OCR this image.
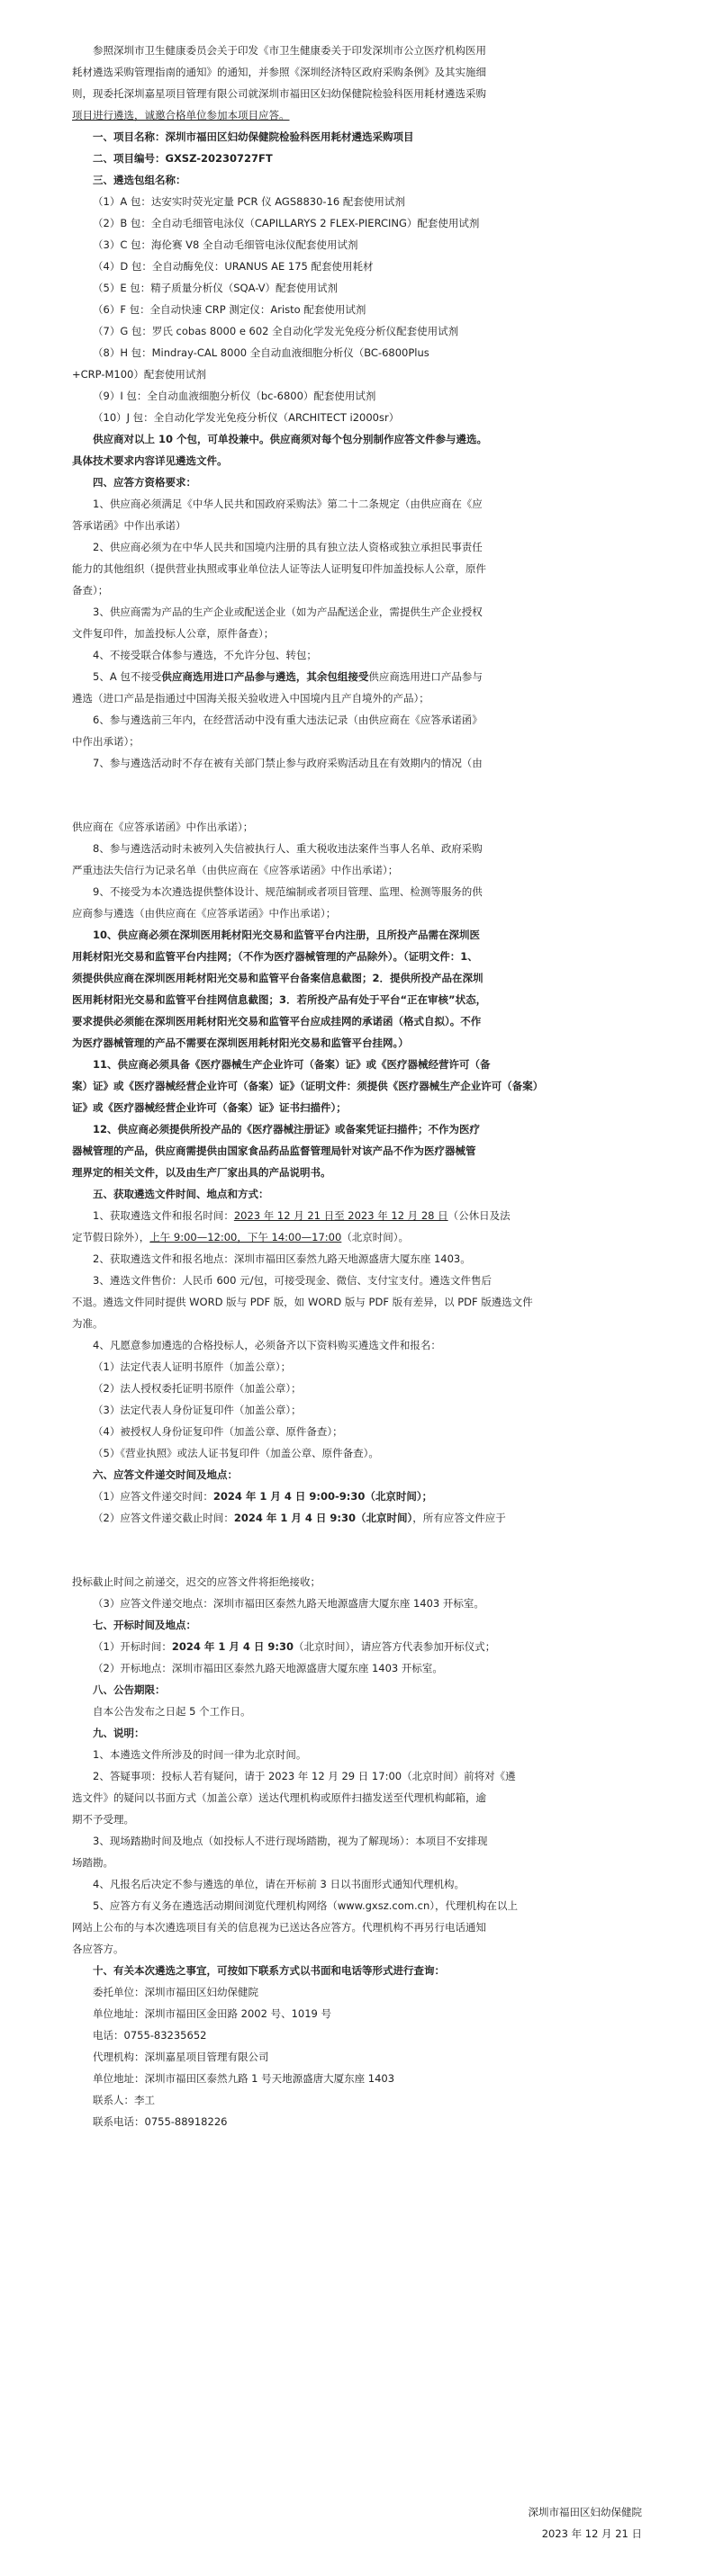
参照深圳市卫生健康委员会关于印发《市卫生健康委关于印发深圳市公立医疗机构医用

耗材遴选采购管理指南的通知》的通知，并参照《深圳经济特区政府采购条例》及其实施细

则，现委托深圳嘉星项目管理有限公司就深圳市福田区妇幼保健院检验科医用耗材遴选采购

项目进行遴选，诚邀合格单位参加本项目应答。

一、项目名称：深圳市福田区妇幼保健院检验科医用耗材遴选采购项目

二、项目编号：GXSZ-20230727FT

三、遴选包组名称：

（1）A 包：达安实时荧光定量 PCR 仪 AGS8830-16 配套使用试剂

（2）B 包：全自动毛细管电泳仪（CAPILLARYS 2 FLEX-PIERCING）配套使用试剂

（3）C 包：海伦赛 V8 全自动毛细管电泳仪配套使用试剂

（4）D 包：全自动酶免仪：URANUS AE 175 配套使用耗材

（5）E 包：精子质量分析仪（SQA-V）配套使用试剂

（6）F 包：全自动快速 CRP 测定仪：Aristo 配套使用试剂

（7）G 包：罗氏 cobas 8000 e 602 全自动化学发光免疫分析仪配套使用试剂

（8）H 包：Mindray-CAL 8000 全自动血液细胞分析仪（BC-6800Plus

+CRP-M100）配套使用试剂

（9）I 包：全自动血液细胞分析仪（bc-6800）配套使用试剂

（10）J 包：全自动化学发光免疫分析仪（ARCHITECT i2000sr）

供应商对以上 10 个包，可单投兼中。供应商须对每个包分别制作应答文件参与遴选。

具体技术要求内容详见遴选文件。

四、应答方资格要求：

1、供应商必须满足《中华人民共和国政府采购法》第二十二条规定（由供应商在《应

答承诺函》中作出承诺）

2、供应商必须为在中华人民共和国境内注册的具有独立法人资格或独立承担民事责任

能力的其他组织（提供营业执照或事业单位法人证等法人证明复印件加盖投标人公章，原件

备查）；

3、供应商需为产品的生产企业或配送企业（如为产品配送企业，需提供生产企业授权

文件复印件，加盖投标人公章，原件备查）；

4、不接受联合体参与遴选，不允许分包、转包；

5、A 包不接受供应商选用进口产品参与遴选，其余包组接受供应商选用进口产品参与

遴选（进口产品是指通过中国海关报关验收进入中国境内且产自境外的产品）；

6、参与遴选前三年内，在经营活动中没有重大违法记录（由供应商在《应答承诺函》

中作出承诺）；

7、参与遴选活动时不存在被有关部门禁止参与政府采购活动且在有效期内的情况（由

供应商在《应答承诺函》中作出承诺）；

8、参与遴选活动时未被列入失信被执行人、重大税收违法案件当事人名单、政府采购

严重违法失信行为记录名单（由供应商在《应答承诺函》中作出承诺）；

9、不接受为本次遴选提供整体设计、规范编制或者项目管理、监理、检测等服务的供

应商参与遴选（由供应商在《应答承诺函》中作出承诺）；

10、供应商必须在深圳医用耗材阳光交易和监管平台内注册，且所投产品需在深圳医

用耗材阳光交易和监管平台内挂网；（不作为医疗器械管理的产品除外）。（证明文件：1、

须提供供应商在深圳医用耗材阳光交易和监管平台备案信息截图；2．提供所投产品在深圳

医用耗材阳光交易和监管平台挂网信息截图；3．若所投产品有处于平台“正在审核”状态，

要求提供必须能在深圳医用耗材阳光交易和监管平台应成挂网的承诺函（格式自拟）。不作

为医疗器械管理的产品不需要在深圳医用耗材阳光交易和监管平台挂网。）

11、供应商必须具备《医疗器械生产企业许可（备案）证》或《医疗器械经营许可（备

案）证》或《医疗器械经营企业许可（备案）证》（证明文件：须提供《医疗器械生产企业许可（备案）

证》或《医疗器械经营企业许可（备案）证》证书扫描件）；

12、供应商必须提供所投产品的《医疗器械注册证》或备案凭证扫描件；不作为医疗

器械管理的产品，供应商需提供由国家食品药品监督管理局针对该产品不作为医疗器械管

理界定的相关文件，以及由生产厂家出具的产品说明书。

五、获取遴选文件时间、地点和方式：

1、获取遴选文件和报名时间：2023 年 12 月 21 日至 2023 年 12 月 28 日（公休日及法

定节假日除外），上午 9:00—12:00，下午 14:00—17:00（北京时间）。

2、获取遴选文件和报名地点：深圳市福田区泰然九路天地源盛唐大厦东座 1403。

3、遴选文件售价：人民币 600 元/包，可接受现金、微信、支付宝支付。遴选文件售后

不退。遴选文件同时提供 WORD 版与 PDF 版，如 WORD 版与 PDF 版有差异，以 PDF 版遴选文件

为准。

4、凡愿意参加遴选的合格投标人，必须备齐以下资料购买遴选文件和报名：

（1）法定代表人证明书原件（加盖公章）；

（2）法人授权委托证明书原件（加盖公章）；

（3）法定代表人身份证复印件（加盖公章）；

（4）被授权人身份证复印件（加盖公章、原件备查）；

（5）《营业执照》或法人证书复印件（加盖公章、原件备查）。

六、应答文件递交时间及地点：

（1）应答文件递交时间：2024 年 1 月 4 日 9:00-9:30（北京时间）；

（2）应答文件递交截止时间：2024 年 1 月 4 日 9:30（北京时间），所有应答文件应于

投标截止时间之前递交，迟交的应答文件将拒绝接收；

（3）应答文件递交地点：深圳市福田区泰然九路天地源盛唐大厦东座 1403 开标室。

七、开标时间及地点：

（1）开标时间：2024 年 1 月 4 日 9:30（北京时间），请应答方代表参加开标仪式；

（2）开标地点：深圳市福田区泰然九路天地源盛唐大厦东座 1403 开标室。

八、公告期限：

自本公告发布之日起 5 个工作日。

九、说明：

1、本遴选文件所涉及的时间一律为北京时间。

2、答疑事项：投标人若有疑问，请于 2023 年 12 月 29 日 17:00（北京时间）前将对《遴

选文件》的疑问以书面方式（加盖公章）送达代理机构或原件扫描发送至代理机构邮箱，逾

期不予受理。

3、现场踏勘时间及地点（如投标人不进行现场踏勘，视为了解现场）：本项目不安排现

场踏勘。

4、凡报名后决定不参与遴选的单位，请在开标前 3 日以书面形式通知代理机构。

5、应答方有义务在遴选活动期间浏览代理机构网络（www.gxsz.com.cn），代理机构在以上

网站上公布的与本次遴选项目有关的信息视为已送达各应答方。代理机构不再另行电话通知

各应答方。

十、有关本次遴选之事宜，可按如下联系方式以书面和电话等形式进行查询：

委托单位：深圳市福田区妇幼保健院

单位地址：深圳市福田区金田路 2002 号、1019 号

电话：0755-83235652

代理机构：深圳嘉星项目管理有限公司

单位地址：深圳市福田区泰然九路 1 号天地源盛唐大厦东座 1403

联系人：李工

联系电话：0755-88918226

深圳市福田区妇幼保健院
2023 年 12 月 21 日
